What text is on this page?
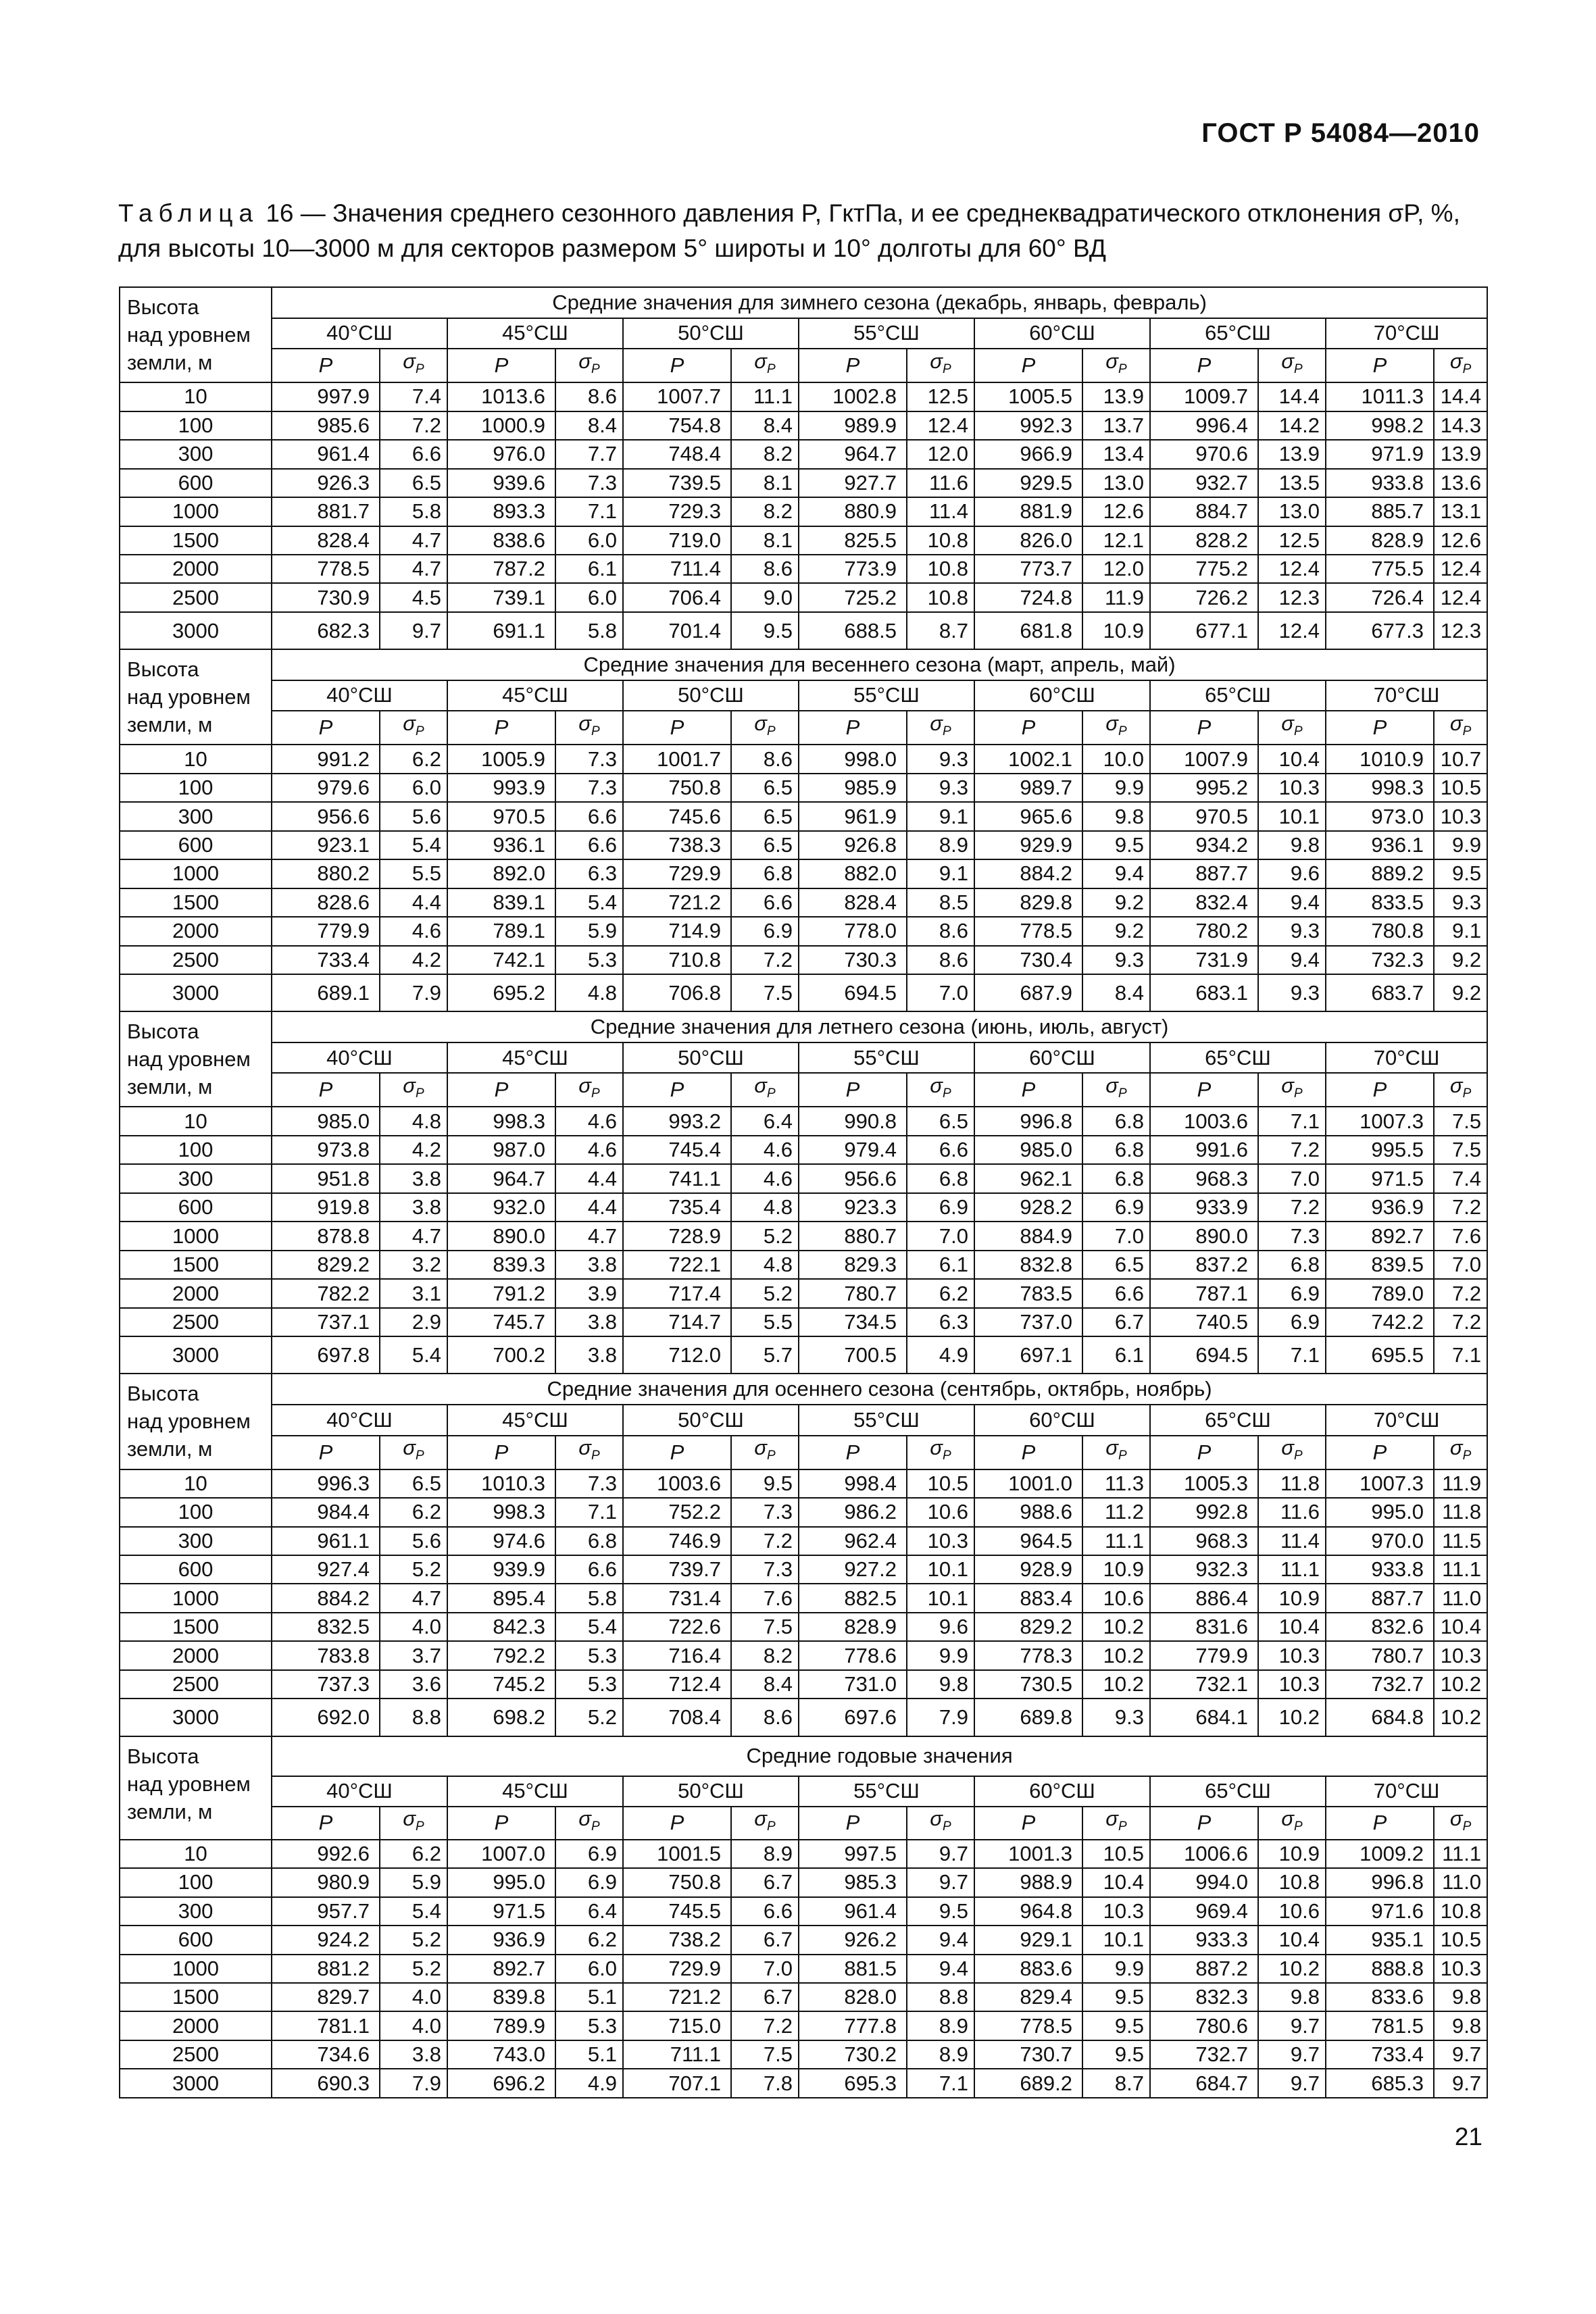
ГОСТ Р 54084—2010
Таблица 16 — Значения среднего сезонного давления P, ГктПа, и ее среднеквадратического отклонения σP, %, для высоты 10—3000 м для секторов размером 5° широты и 10° долготы для 60° ВД
Высота
над уровнем
земли, м	Средние значения для зимнего сезона (декабрь, январь, февраль)													
	40°СШ		45°СШ		50°СШ		55°СШ		60°СШ		65°СШ		70°СШ	
	P	$\sigma_P$	P	$\sigma_P$	P	$\sigma_P$	P	$\sigma_P$	P	$\sigma_P$	P	$\sigma_P$	P	$\sigma_P$
10	997.9	7.4	1013.6	8.6	1007.7	11.1	1002.8	12.5	1005.5	13.9	1009.7	14.4	1011.3	14.4
100	985.6	7.2	1000.9	8.4	754.8	8.4	989.9	12.4	992.3	13.7	996.4	14.2	998.2	14.3
300	961.4	6.6	976.0	7.7	748.4	8.2	964.7	12.0	966.9	13.4	970.6	13.9	971.9	13.9
600	926.3	6.5	939.6	7.3	739.5	8.1	927.7	11.6	929.5	13.0	932.7	13.5	933.8	13.6
1000	881.7	5.8	893.3	7.1	729.3	8.2	880.9	11.4	881.9	12.6	884.7	13.0	885.7	13.1
1500	828.4	4.7	838.6	6.0	719.0	8.1	825.5	10.8	826.0	12.1	828.2	12.5	828.9	12.6
2000	778.5	4.7	787.2	6.1	711.4	8.6	773.9	10.8	773.7	12.0	775.2	12.4	775.5	12.4
2500	730.9	4.5	739.1	6.0	706.4	9.0	725.2	10.8	724.8	11.9	726.2	12.3	726.4	12.4
3000	682.3	9.7	691.1	5.8	701.4	9.5	688.5	8.7	681.8	10.9	677.1	12.4	677.3	12.3

Высота
над уровнем
земли, м	Средние значения для весеннего сезона (март, апрель, май)													
	40°СШ		45°СШ		50°СШ		55°СШ		60°СШ		65°СШ		70°СШ	
	P	$\sigma_P$	P	$\sigma_P$	P	$\sigma_P$	P	$\sigma_P$	P	$\sigma_P$	P	$\sigma_P$	P	$\sigma_P$
10	991.2	6.2	1005.9	7.3	1001.7	8.6	998.0	9.3	1002.1	10.0	1007.9	10.4	1010.9	10.7
100	979.6	6.0	993.9	7.3	750.8	6.5	985.9	9.3	989.7	9.9	995.2	10.3	998.3	10.5
300	956.6	5.6	970.5	6.6	745.6	6.5	961.9	9.1	965.6	9.8	970.5	10.1	973.0	10.3
600	923.1	5.4	936.1	6.6	738.3	6.5	926.8	8.9	929.9	9.5	934.2	9.8	936.1	9.9
1000	880.2	5.5	892.0	6.3	729.9	6.8	882.0	9.1	884.2	9.4	887.7	9.6	889.2	9.5
1500	828.6	4.4	839.1	5.4	721.2	6.6	828.4	8.5	829.8	9.2	832.4	9.4	833.5	9.3
2000	779.9	4.6	789.1	5.9	714.9	6.9	778.0	8.6	778.5	9.2	780.2	9.3	780.8	9.1
2500	733.4	4.2	742.1	5.3	710.8	7.2	730.3	8.6	730.4	9.3	731.9	9.4	732.3	9.2
3000	689.1	7.9	695.2	4.8	706.8	7.5	694.5	7.0	687.9	8.4	683.1	9.3	683.7	9.2

Высота
над уровнем
земли, м	Средние значения для летнего сезона (июнь, июль, август)													
	40°СШ		45°СШ		50°СШ		55°СШ		60°СШ		65°СШ		70°СШ	
	P	$\sigma_P$	P	$\sigma_P$	P	$\sigma_P$	P	$\sigma_P$	P	$\sigma_P$	P	$\sigma_P$	P	$\sigma_P$
10	985.0	4.8	998.3	4.6	993.2	6.4	990.8	6.5	996.8	6.8	1003.6	7.1	1007.3	7.5
100	973.8	4.2	987.0	4.6	745.4	4.6	979.4	6.6	985.0	6.8	991.6	7.2	995.5	7.5
300	951.8	3.8	964.7	4.4	741.1	4.6	956.6	6.8	962.1	6.8	968.3	7.0	971.5	7.4
600	919.8	3.8	932.0	4.4	735.4	4.8	923.3	6.9	928.2	6.9	933.9	7.2	936.9	7.2
1000	878.8	4.7	890.0	4.7	728.9	5.2	880.7	7.0	884.9	7.0	890.0	7.3	892.7	7.6
1500	829.2	3.2	839.3	3.8	722.1	4.8	829.3	6.1	832.8	6.5	837.2	6.8	839.5	7.0
2000	782.2	3.1	791.2	3.9	717.4	5.2	780.7	6.2	783.5	6.6	787.1	6.9	789.0	7.2
2500	737.1	2.9	745.7	3.8	714.7	5.5	734.5	6.3	737.0	6.7	740.5	6.9	742.2	7.2
3000	697.8	5.4	700.2	3.8	712.0	5.7	700.5	4.9	697.1	6.1	694.5	7.1	695.5	7.1

Высота
над уровнем
земли, м	Средние значения для осеннего сезона (сентябрь, октябрь, ноябрь)													
	40°СШ		45°СШ		50°СШ		55°СШ		60°СШ		65°СШ		70°СШ	
	P	$\sigma_P$	P	$\sigma_P$	P	$\sigma_P$	P	$\sigma_P$	P	$\sigma_P$	P	$\sigma_P$	P	$\sigma_P$
10	996.3	6.5	1010.3	7.3	1003.6	9.5	998.4	10.5	1001.0	11.3	1005.3	11.8	1007.3	11.9
100	984.4	6.2	998.3	7.1	752.2	7.3	986.2	10.6	988.6	11.2	992.8	11.6	995.0	11.8
300	961.1	5.6	974.6	6.8	746.9	7.2	962.4	10.3	964.5	11.1	968.3	11.4	970.0	11.5
600	927.4	5.2	939.9	6.6	739.7	7.3	927.2	10.1	928.9	10.9	932.3	11.1	933.8	11.1
1000	884.2	4.7	895.4	5.8	731.4	7.6	882.5	10.1	883.4	10.6	886.4	10.9	887.7	11.0
1500	832.5	4.0	842.3	5.4	722.6	7.5	828.9	9.6	829.2	10.2	831.6	10.4	832.6	10.4
2000	783.8	3.7	792.2	5.3	716.4	8.2	778.6	9.9	778.3	10.2	779.9	10.3	780.7	10.3
2500	737.3	3.6	745.2	5.3	712.4	8.4	731.0	9.8	730.5	10.2	732.1	10.3	732.7	10.2
3000	692.0	8.8	698.2	5.2	708.4	8.6	697.6	7.9	689.8	9.3	684.1	10.2	684.8	10.2

Высота
над уровнем
земли, м	Средние годовые значения													
	40°СШ		45°СШ		50°СШ		55°СШ		60°СШ		65°СШ		70°СШ	
	P	$\sigma_P$	P	$\sigma_P$	P	$\sigma_P$	P	$\sigma_P$	P	$\sigma_P$	P	$\sigma_P$	P	$\sigma_P$
10	992.6	6.2	1007.0	6.9	1001.5	8.9	997.5	9.7	1001.3	10.5	1006.6	10.9	1009.2	11.1
100	980.9	5.9	995.0	6.9	750.8	6.7	985.3	9.7	988.9	10.4	994.0	10.8	996.8	11.0
300	957.7	5.4	971.5	6.4	745.5	6.6	961.4	9.5	964.8	10.3	969.4	10.6	971.6	10.8
600	924.2	5.2	936.9	6.2	738.2	6.7	926.2	9.4	929.1	10.1	933.3	10.4	935.1	10.5
1000	881.2	5.2	892.7	6.0	729.9	7.0	881.5	9.4	883.6	9.9	887.2	10.2	888.8	10.3
1500	829.7	4.0	839.8	5.1	721.2	6.7	828.0	8.8	829.4	9.5	832.3	9.8	833.6	9.8
2000	781.1	4.0	789.9	5.3	715.0	7.2	777.8	8.9	778.5	9.5	780.6	9.7	781.5	9.8
2500	734.6	3.8	743.0	5.1	711.1	7.5	730.2	8.9	730.7	9.5	732.7	9.7	733.4	9.7
3000	690.3	7.9	696.2	4.9	707.1	7.8	695.3	7.1	689.2	8.7	684.7	9.7	685.3	9.7
21
